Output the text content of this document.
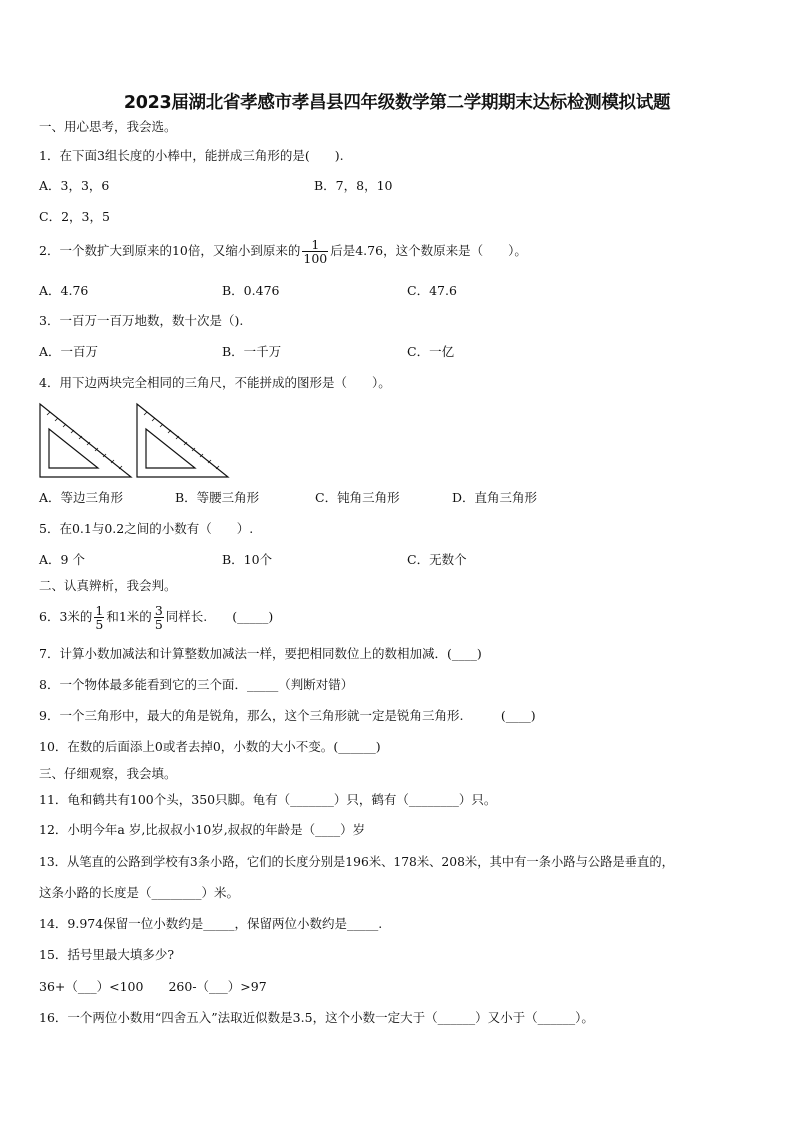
2023届湖北省孝感市孝昌县四年级数学第二学期期末达标检测模拟试题
一、用心思考，我会选。
1．在下面3组长度的小棒中，能拼成三角形的是(　　).
A．3，3，6	B．7，8，10
C．2，3，5
2．一个数扩大到原来的10倍，又缩小到原来的 $\frac{1}{100}$ 后是4.76，这个数原来是（　　）。
A．4.76	B．0.476	C．47.6
3．一百万一百万地数，数十次是（).
A．一百万	B．一千万	C．一亿
4．用下边两块完全相同的三角尺，不能拼成的图形是（　　）。
A．等边三角形	B．等腰三角形	C．钝角三角形	D．直角三角形
5．在0.1与0.2之间的小数有（　　）.
A．9 个	B．10个	C．无数个
二、认真辨析，我会判。
6．3米的 $\frac{1}{5}$ 和1米的 $\frac{3}{5}$ 同样长.　　(_____)
7．计算小数加减法和计算整数加减法一样，要把相同数位上的数相加减．(____)
8．一个物体最多能看到它的三个面．_____（判断对错）
9．一个三角形中，最大的角是锐角，那么，这个三角形就一定是锐角三角形.　　　(____)
10．在数的后面添上0或者去掉0，小数的大小不变。(______)
三、仔细观察，我会填。
11．龟和鹤共有100个头，350只脚。龟有（_______）只，鹤有（________）只。
12．小明今年a 岁,比叔叔小10岁,叔叔的年龄是（____）岁
13．从笔直的公路到学校有3条小路，它们的长度分别是196米、178米、208米，其中有一条小路与公路是垂直的，
这条小路的长度是（________）米。
14．9.974保留一位小数约是_____，保留两位小数约是_____.
15．括号里最大填多少?
36+（___）<100　　260-（___）>97
16．一个两位小数用“四舍五入”法取近似数是3.5，这个小数一定大于（______）又小于（______）。
